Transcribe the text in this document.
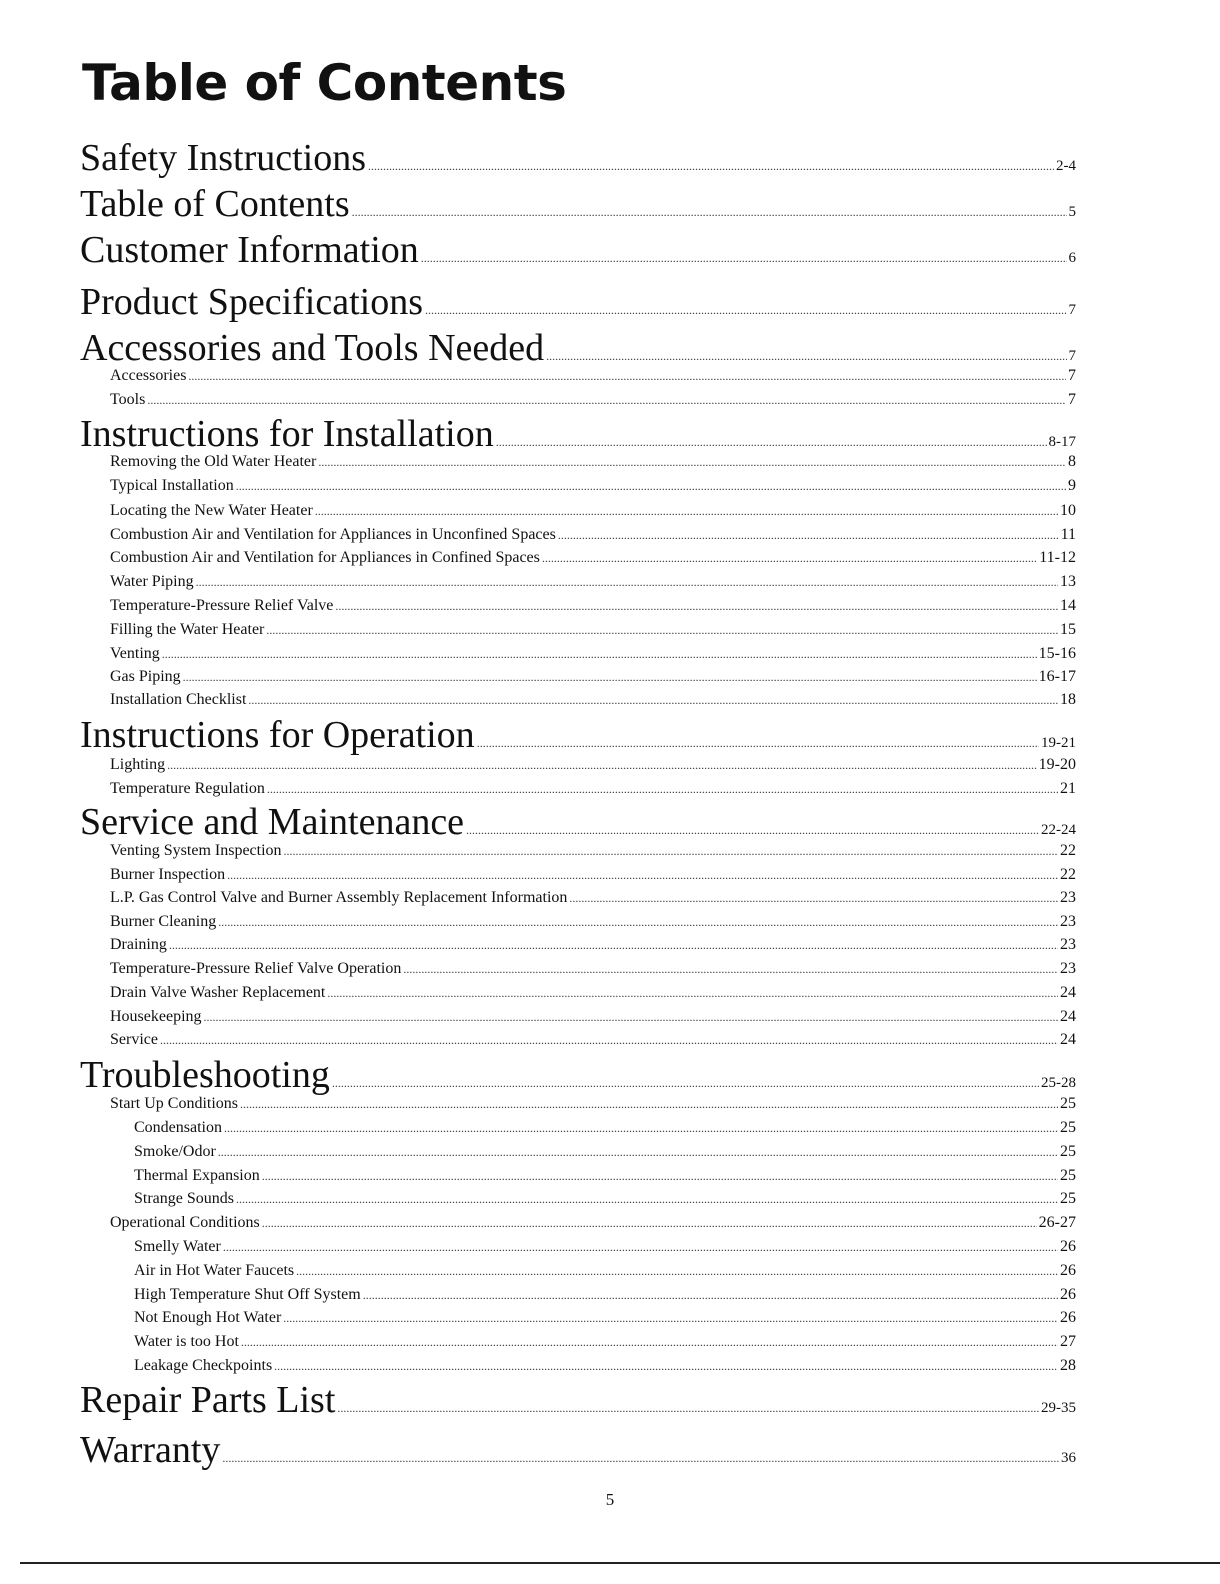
Table of Contents
Safety Instructions .....	2-4
Table of Contents .....	5
Customer Information .....	6
Product Specifications .....	7
Accessories and Tools Needed .....	7
Accessories .....	7
Tools .....	7
Instructions for Installation .....	8-17
Removing the Old Water Heater .....	8
Typical Installation .....	9
Locating the New Water Heater .....	10
Combustion Air and Ventilation for Appliances in Unconfined Spaces .....	11
Combustion Air and Ventilation for Appliances in Confined Spaces .....	11-12
Water Piping .....	13
Temperature-Pressure Relief Valve .....	14
Filling the Water Heater .....	15
Venting .....	15-16
Gas Piping .....	16-17
Installation Checklist .....	18
Instructions for Operation .....	19-21
Lighting .....	19-20
Temperature Regulation .....	21
Service and Maintenance .....	22-24
Venting System Inspection .....	22
Burner Inspection .....	22
L.P. Gas Control Valve and Burner Assembly Replacement Information .....	23
Burner Cleaning .....	23
Draining .....	23
Temperature-Pressure Relief Valve Operation .....	23
Drain Valve Washer Replacement .....	24
Housekeeping .....	24
Service .....	24
Troubleshooting .....	25-28
Start Up Conditions .....	25
Condensation .....	25
Smoke/Odor .....	25
Thermal Expansion .....	25
Strange Sounds .....	25
Operational Conditions .....	26-27
Smelly Water .....	26
Air in Hot Water Faucets .....	26
High Temperature Shut Off System .....	26
Not Enough Hot Water .....	26
Water is too Hot .....	27
Leakage Checkpoints .....	28
Repair Parts List .....	29-35
Warranty .....	36
5
